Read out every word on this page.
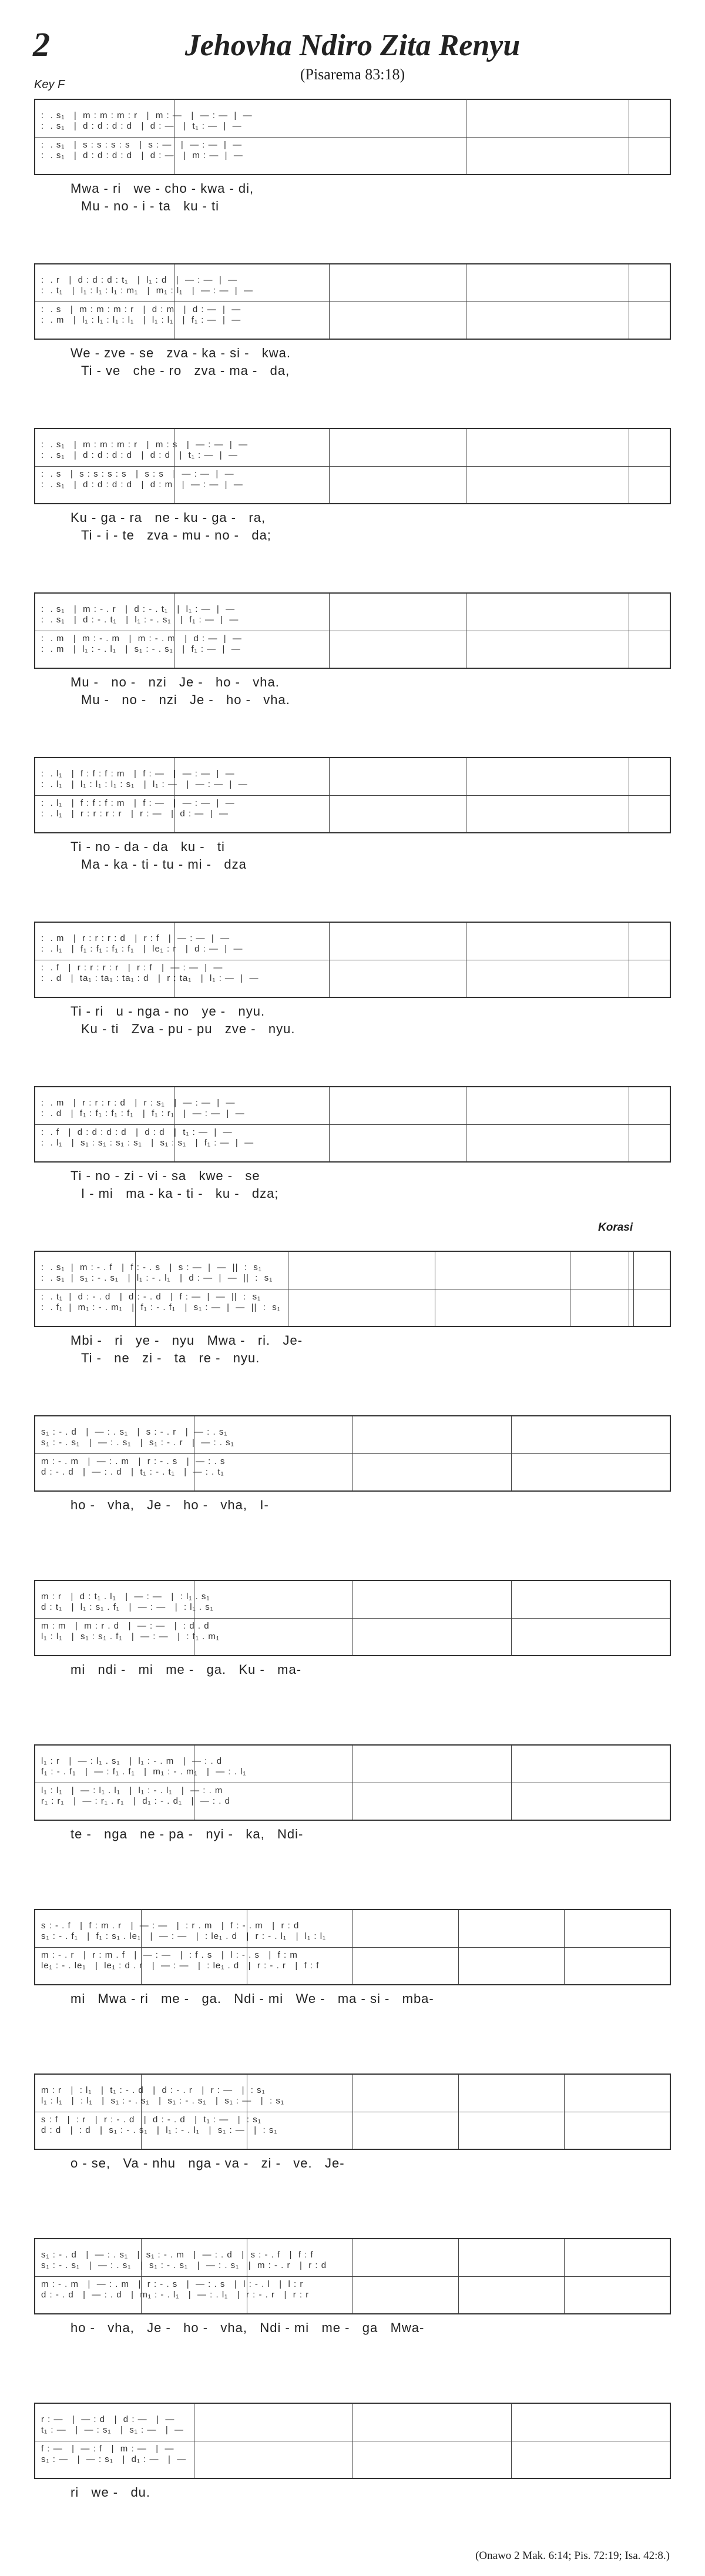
2	Jehovha Ndiro Zita Renyu
(Pisarema 83:18)
Key F
Korasi
:  . s₁   |  m : m : m : r   |  m : —   |  — : —  |  —
:  . s₁   |  d : d : d : d   |  d : —   |  t₁ : —  |  —
:  . s₁   |  s : s : s : s   |  s : —   |  — : —  |  —
:  . s₁   |  d : d : d : d   |  d : —   |  m : —  |  —
Mwa - ri   we - cho - kwa - di,
Mu - no - i - ta   ku - ti
:  . r   |  d : d : d : t₁   |  l₁ : d   |  — : —  |  —
:  . t₁   |  l₁ : l₁ : l₁ : m₁   |  m₁ : l₁   |  — : —  |  —
:  . s   |  m : m : m : r   |  d : m   |  d : —  |  —
:  . m   |  l₁ : l₁ : l₁ : l₁   |  l₁ : l₁   |  f₁ : —  |  —
We - zve - se   zva - ka - si -   kwa.
Ti - ve   che - ro   zva - ma -   da,
:  . s₁   |  m : m : m : r   |  m : s   |  — : —  |  —
:  . s₁   |  d : d : d : d   |  d : d   |  t₁ : —  |  —
:  . s   |  s : s : s : s   |  s : s   |  — : —  |  —
:  . s₁   |  d : d : d : d   |  d : m   |  — : —  |  —
Ku - ga - ra   ne - ku - ga -   ra,
Ti - i - te   zva - mu - no -   da;
:  . s₁   |  m : - . r   |  d : - . t₁   |  l₁ : —  |  —
:  . s₁   |  d : - . t₁   |  l₁ : - . s₁   |  f₁ : —  |  —
:  . m   |  m : - . m   |  m : - . m   |  d : —  |  —
:  . m   |  l₁ : - . l₁   |  s₁ : - . s₁   |  f₁ : —  |  —
Mu -   no -   nzi   Je -   ho -   vha.
Mu -   no -   nzi   Je -   ho -   vha.
:  . l₁   |  f : f : f : m   |  f : —   |  — : —  |  —
:  . l₁   |  l₁ : l₁ : l₁ : s₁   |  l₁ : —   |  — : —  |  —
:  . l₁   |  f : f : f : m   |  f : —   |  — : —  |  —
:  . l₁   |  r : r : r : r   |  r : —   |  d : —  |  —
Ti - no - da - da   ku -   ti
Ma - ka - ti - tu - mi -   dza
:  . m   |  r : r : r : d   |  r : f   |  — : —  |  —
:  . l₁   |  f₁ : f₁ : f₁ : f₁   |  le₁ : r   |  d : —  |  —
:  . f   |  r : r : r : r   |  r : f   |  — : —  |  —
:  . d   |  ta₁ : ta₁ : ta₁ : d   |  r : ta₁   |  l₁ : —  |  —
Ti - ri   u - nga - no   ye -   nyu.
Ku - ti   Zva - pu - pu   zve -   nyu.
:  . m   |  r : r : r : d   |  r : s₁   |  — : —  |  —
:  . d   |  f₁ : f₁ : f₁ : f₁   |  f₁ : r₁   |  — : —  |  —
:  . f   |  d : d : d : d   |  d : d   |  t₁ : —  |  —
:  . l₁   |  s₁ : s₁ : s₁ : s₁   |  s₁ : s₁   |  f₁ : —  |  —
Ti - no - zi - vi - sa   kwe -   se
I - mi   ma - ka - ti -   ku -   dza;
:  . s₁  |  m : - . f   |  f : - . s   |  s : —  |  —  ||  :  s₁
:  . s₁  |  s₁ : - . s₁   |  l₁ : - . l₁   |  d : —  |  —  ||  :  s₁
:  . t₁  |  d : - . d   |  d : - . d   |  f : —  |  —  ||  :  s₁
:  . f₁  |  m₁ : - . m₁   |  f₁ : - . f₁   |  s₁ : —  |  —  ||  :  s₁
Mbi -   ri   ye -   nyu   Mwa -   ri.   Je-
Ti -   ne   zi -   ta   re -   nyu.
s₁ : - . d   |  — : . s₁   |  s : - . r   |  — : . s₁
s₁ : - . s₁   |  — : . s₁   |  s₁ : - . r   |  — : . s₁
m : - . m   |  — : . m   |  r : - . s   |  — : . s
d : - . d   |  — : . d   |  t₁ : - . t₁   |  — : . t₁
ho -   vha,   Je -   ho -   vha,   I-
m : r   |  d : t₁ . l₁   |  — : —   |  : l₁ . s₁
d : t₁   |  l₁ : s₁ . f₁   |  — : —   |  : l₁ . s₁
m : m   |  m : r . d   |  — : —   |  : d . d
l₁ : l₁   |  s₁ : s₁ . f₁   |  — : —   |  : f₁ . m₁
mi   ndi -   mi   me -   ga.   Ku -   ma-
l₁ : r   |  — : l₁ . s₁   |  l₁ : - . m   |  — : . d
f₁ : - . f₁   |  — : f₁ . f₁   |  m₁ : - . m₁   |  — : . l₁
l₁ : l₁   |  — : l₁ . l₁   |  l₁ : - . l₁   |  — : . m
r₁ : r₁   |  — : r₁ . r₁   |  d₁ : - . d₁   |  — : . d
te -   nga   ne - pa -   nyi -   ka,   Ndi-
s : - . f   |  f : m . r   |  — : —   |  : r . m   |  f : - . m   |  r : d
s₁ : - . f₁   |  f₁ : s₁ . le₁   |  — : —   |  : le₁ . d   |  r : - . l₁   |  l₁ : l₁
m : - . r   |  r : m . f   |  — : —   |  : f . s   |  l : - . s   |  f : m
le₁ : - . le₁   |  le₁ : d . r   |  — : —   |  : le₁ . d   |  r : - . r   |  f : f
mi   Mwa - ri   me -   ga.   Ndi - mi   We -   ma - si -   mba-
m : r   |  : l₁   |  t₁ : - . d   |  d : - . r   |  r : —   |  : s₁
l₁ : l₁   |  : l₁   |  s₁ : - . s₁   |  s₁ : - . s₁   |  s₁ : —   |  : s₁
s : f   |  : r   |  r : - . d   |  d : - . d   |  t₁ : —   |  : s₁
d : d   |  : d   |  s₁ : - . s₁   |  l₁ : - . l₁   |  s₁ : —   |  : s₁
o - se,   Va - nhu   nga - va -   zi -   ve.   Je-
s₁ : - . d   |  — : . s₁   |  s₁ : - . m   |  — : . d   |  s : - . f   |  f : f
s₁ : - . s₁   |  — : . s₁   |  s₁ : - . s₁   |  — : . s₁   |  m : - . r   |  r : d
m : - . m   |  — : . m   |  r : - . s   |  — : . s   |  l : - . l   |  l : r
d : - . d   |  — : . d   |  m₁ : - . l₁   |  — : . l₁   |  r : - . r   |  r : r
ho -   vha,   Je -   ho -   vha,   Ndi - mi   me -   ga   Mwa-
r : —   |  — : d   |  d : —   |  —
t₁ : —   |  — : s₁   |  s₁ : —   |  —
f : —   |  — : f   |  m : —   |  —
s₁ : —   |  — : s₁   |  d₁ : —   |  —
ri   we -   du.
(Onawo 2 Mak. 6:14; Pis. 72:19; Isa. 42:8.)
